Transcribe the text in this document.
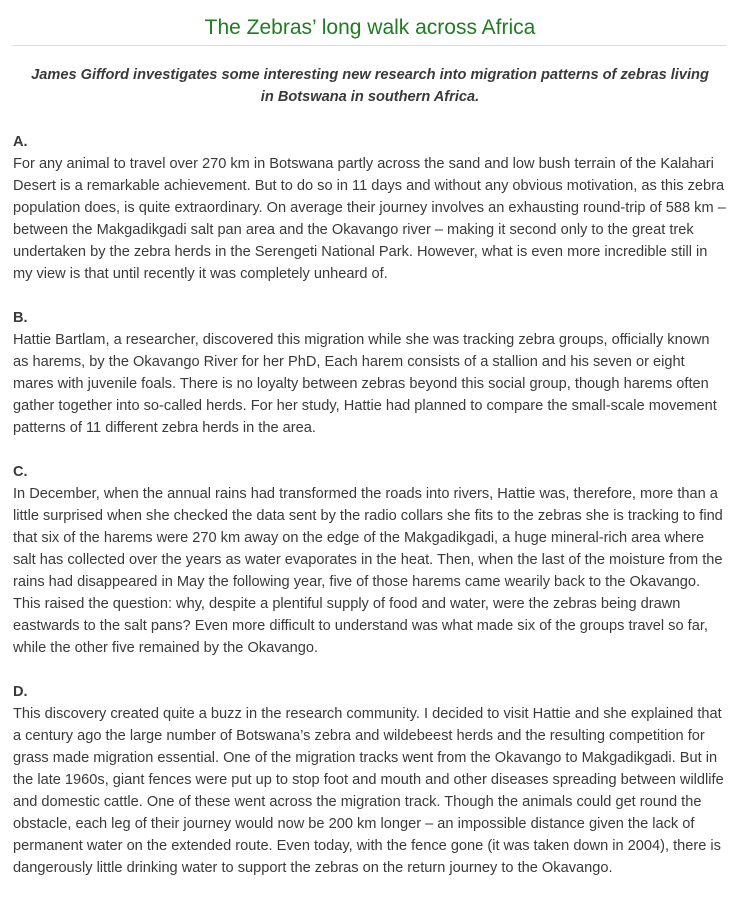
The Zebras’ long walk across Africa

James Gifford investigates some interesting new research into migration patterns of zebras living in Botswana in southern Africa.

A.

For any animal to travel over 270 km in Botswana partly across the sand and low bush terrain of the Kalahari Desert is a remarkable achievement. But to do so in 11 days and without any obvious motivation, as this zebra population does, is quite extraordinary. On average their journey involves an exhausting round-trip of 588 km – between the Makgadikgadi salt pan area and the Okavango river – making it second only to the great trek undertaken by the zebra herds in the Serengeti National Park. However, what is even more incredible still in my view is that until recently it was completely unheard of.

B.

Hattie Bartlam, a researcher, discovered this migration while she was tracking zebra groups, officially known as harems, by the Okavango River for her PhD, Each harem consists of a stallion and his seven or eight mares with juvenile foals. There is no loyalty between zebras beyond this social group, though harems often gather together into so-called herds. For her study, Hattie had planned to compare the small-scale movement patterns of 11 different zebra herds in the area.

C.

In December, when the annual rains had transformed the roads into rivers, Hattie was, therefore, more than a little surprised when she checked the data sent by the radio collars she fits to the zebras she is tracking to find that six of the harems were 270 km away on the edge of the Makgadikgadi, a huge mineral-rich area where salt has collected over the years as water evaporates in the heat. Then, when the last of the moisture from the rains had disappeared in May the following year, five of those harems came wearily back to the Okavango. This raised the question: why, despite a plentiful supply of food and water, were the zebras being drawn eastwards to the salt pans? Even more difficult to understand was what made six of the groups travel so far, while the other five remained by the Okavango.

D.

This discovery created quite a buzz in the research community. I decided to visit Hattie and she explained that a century ago the large number of Botswana’s zebra and wildebeest herds and the resulting competition for grass made migration essential. One of the migration tracks went from the Okavango to Makgadikgadi. But in the late 1960s, giant fences were put up to stop foot and mouth and other diseases spreading between wildlife and domestic cattle. One of these went across the migration track. Though the animals could get round the obstacle, each leg of their journey would now be 200 km longer – an impossible distance given the lack of permanent water on the extended route. Even today, with the fence gone (it was taken down in 2004), there is dangerously little drinking water to support the zebras on the return journey to the Okavango.
